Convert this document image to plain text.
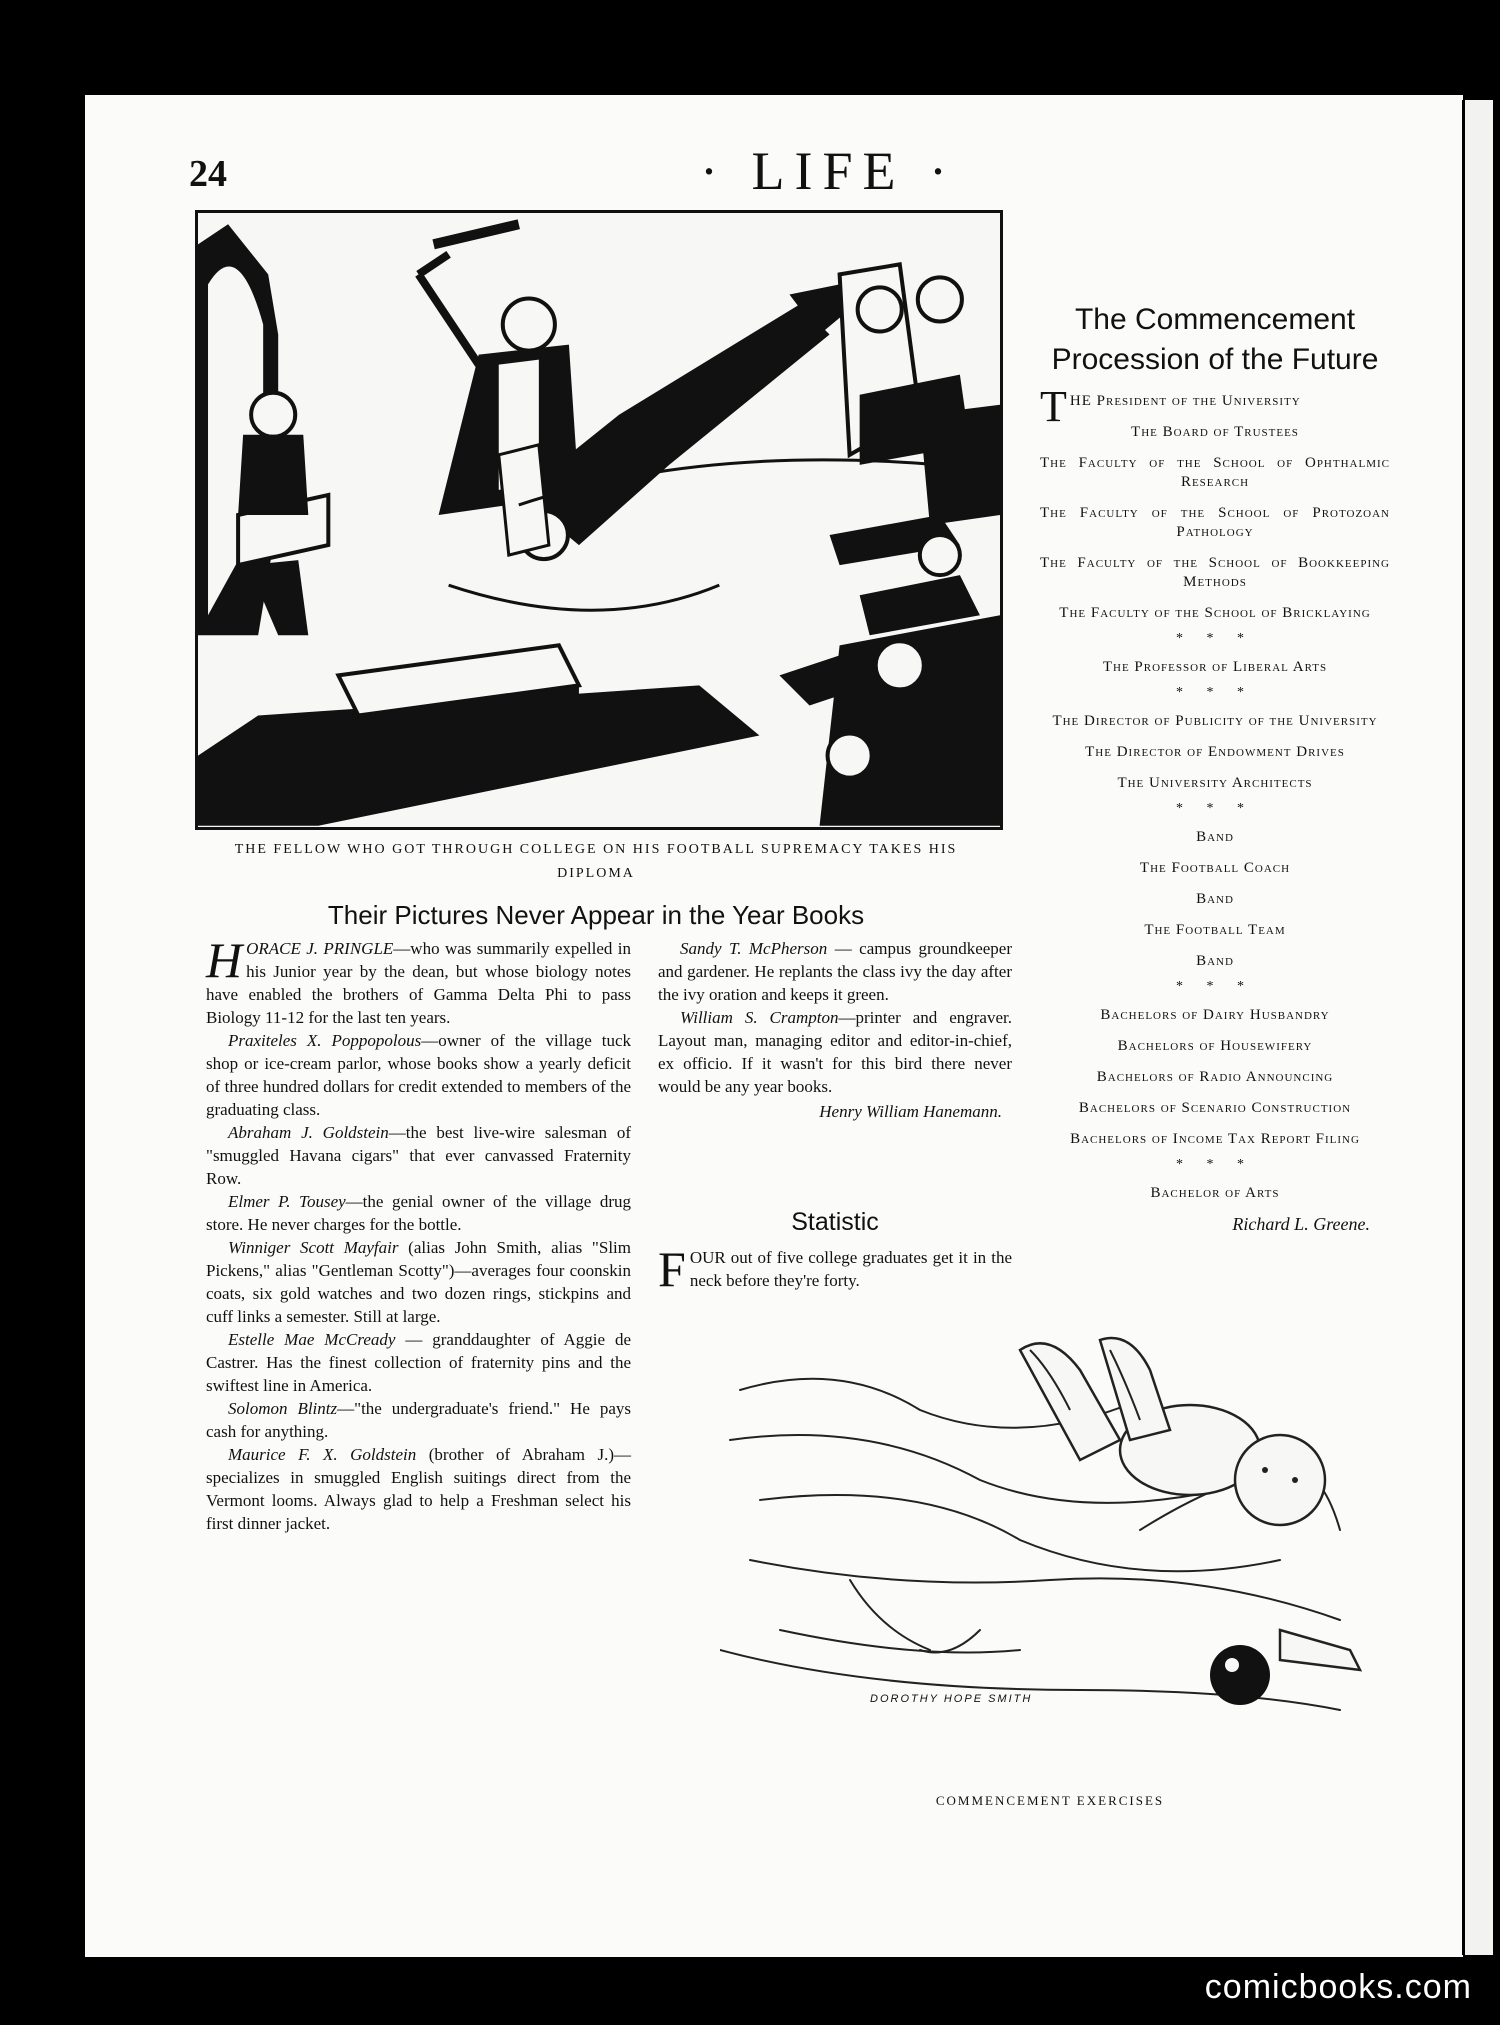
24	· LIFE ·
THE FELLOW WHO GOT THROUGH COLLEGE ON HIS FOOTBALL SUPREMACY TAKES HIS DIPLOMA
Their Pictures Never Appear in the Year Books

HORACE J. PRINGLE—who was summarily expelled in his Junior year by the dean, but whose biology notes have enabled the brothers of Gamma Delta Phi to pass Biology 11-12 for the last ten years.

Praxiteles X. Poppopolous—owner of the village tuck shop or ice-cream parlor, whose books show a yearly deficit of three hundred dollars for credit extended to members of the graduating class.

Abraham J. Goldstein—the best live-wire salesman of "smuggled Havana cigars" that ever canvassed Fraternity Row.

Elmer P. Tousey—the genial owner of the village drug store. He never charges for the bottle.

Winniger Scott Mayfair (alias John Smith, alias "Slim Pickens," alias "Gentleman Scotty")—averages four coonskin coats, six gold watches and two dozen rings, stickpins and cuff links a semester. Still at large.

Estelle Mae McCready — granddaughter of Aggie de Castrer. Has the finest collection of fraternity pins and the swiftest line in America.

Solomon Blintz—"the undergraduate's friend." He pays cash for anything.

Maurice F. X. Goldstein (brother of Abraham J.)—specializes in smuggled English suitings direct from the Vermont looms. Always glad to help a Freshman select his first dinner jacket.

Sandy T. McPherson — campus groundkeeper and gardener. He replants the class ivy the day after the ivy oration and keeps it green.

William S. Crampton—printer and engraver. Layout man, managing editor and editor-in-chief, ex officio. If it wasn't for this bird there never would be any year books.

Henry William Hanemann.

Statistic

FOUR out of five college graduates get it in the neck before they're forty.

The Commencement Procession of the Future
THE President of the University
The Board of Trustees
The Faculty of the School of Ophthalmic Research
The Faculty of the School of Protozoan Pathology
The Faculty of the School of Bookkeeping Methods
The Faculty of the School of Bricklaying
* * *
The Professor of Liberal Arts
* * *
The Director of Publicity of the University
The Director of Endowment Drives
The University Architects
* * *
Band
The Football Coach
Band
The Football Team
Band
* * *
Bachelors of Dairy Husbandry
Bachelors of Housewifery
Bachelors of Radio Announcing
Bachelors of Scenario Construction
Bachelors of Income Tax Report Filing
* * *
Bachelor of Arts
Richard L. Greene.
COMMENCEMENT EXERCISES
DOROTHY HOPE SMITH
comicbooks.com
